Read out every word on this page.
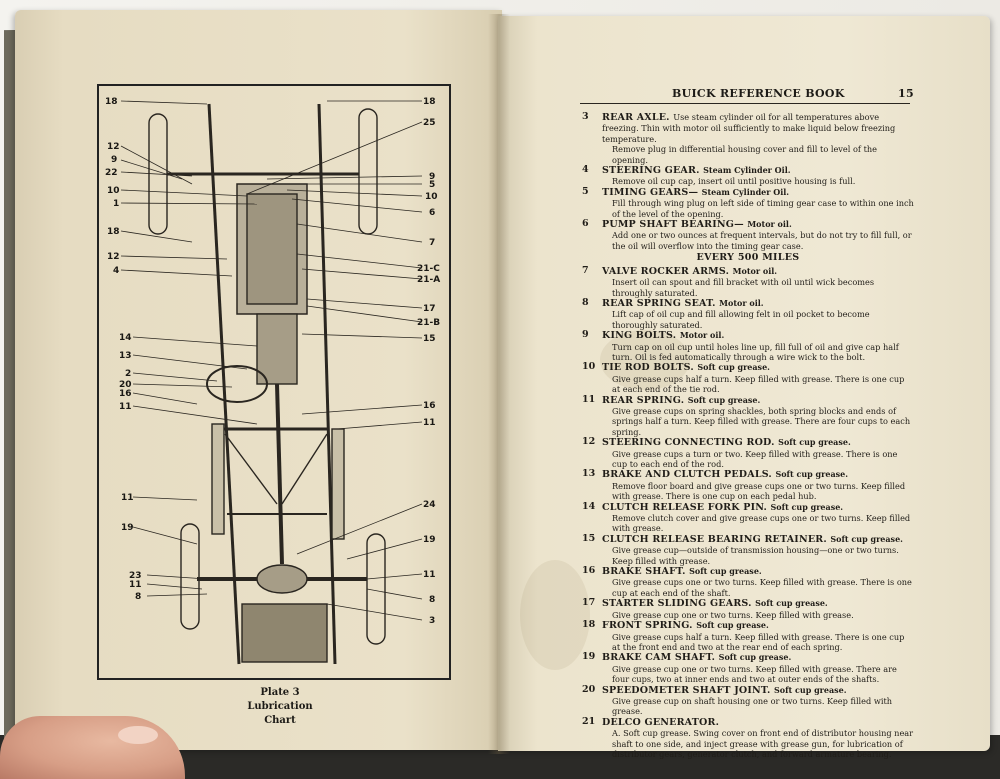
18
12
9
22
10
1
18
12
4
14
13
2
20
16
11
11
19
23
11
8
18
25
9
5
10
6
7
21-C
21-A
17
21-B
15
16
11
24
19
11
8
3
Plate 3
Lubrication Chart
BUICK REFERENCE BOOK	15
3 REAR AXLE. Use steam cylinder oil for all temperatures above freezing. Thin with motor oil sufficiently to make liquid below freezing temperature.
Remove plug in differential housing cover and fill to level of the opening.
4 STEERING GEAR. Steam Cylinder Oil.
Remove oil cup cap, insert oil until positive housing is full.
5 TIMING GEARS— Steam Cylinder Oil.
Fill through wing plug on left side of timing gear case to within one inch of the level of the opening.
6 PUMP SHAFT BEARING— Motor oil.
Add one or two ounces at frequent intervals, but do not try to fill full, or the oil will overflow into the timing gear case.
EVERY 500 MILES
7 VALVE ROCKER ARMS. Motor oil.
Insert oil can spout and fill bracket with oil until wick becomes throughly saturated.
8 REAR SPRING SEAT. Motor oil.
Lift cap of oil cup and fill allowing felt in oil pocket to become thoroughly saturated.
9 KING BOLTS. Motor oil.
Turn cap on oil cup until holes line up, fill full of oil and give cap half turn. Oil is fed automatically through a wire wick to the bolt.
10 TIE ROD BOLTS. Soft cup grease.
Give grease cups half a turn. Keep filled with grease. There is one cup at each end of the tie rod.
11 REAR SPRING. Soft cup grease.
Give grease cups on spring shackles, both spring blocks and ends of springs half a turn. Keep filled with grease. There are four cups to each spring.
12 STEERING CONNECTING ROD. Soft cup grease.
Give grease cups a turn or two. Keep filled with grease. There is one cup to each end of the rod.
13 BRAKE AND CLUTCH PEDALS. Soft cup grease.
Remove floor board and give grease cups one or two turns. Keep filled with grease. There is one cup on each pedal hub.
14 CLUTCH RELEASE FORK PIN. Soft cup grease.
Remove clutch cover and give grease cups one or two turns. Keep filled with grease.
15 CLUTCH RELEASE BEARING RETAINER. Soft cup grease.
Give grease cup—outside of transmission housing—one or two turns. Keep filled with grease.
16 BRAKE SHAFT. Soft cup grease.
Give grease cups one or two turns. Keep filled with grease. There is one cup at each end of the shaft.
17 STARTER SLIDING GEARS. Soft cup grease.
Give grease cup one or two turns. Keep filled with grease.
18 FRONT SPRING. Soft cup grease.
Give grease cups half a turn. Keep filled with grease. There is one cup at the front end and two at the rear end of each spring.
19 BRAKE CAM SHAFT. Soft cup grease.
Give grease cup one or two turns. Keep filled with grease. There are four cups, two at inner ends and two at outer ends of the shafts.
20 SPEEDOMETER SHAFT JOINT. Soft cup grease.
Give grease cup on shaft housing one or two turns. Keep filled with grease.
21 DELCO GENERATOR.
A. Soft cup grease. Swing cover on front end of distributor housing near shaft to one side, and inject grease with grease gun, for lubrication of distributor gears, generator clutch, and forward armature bearing.
